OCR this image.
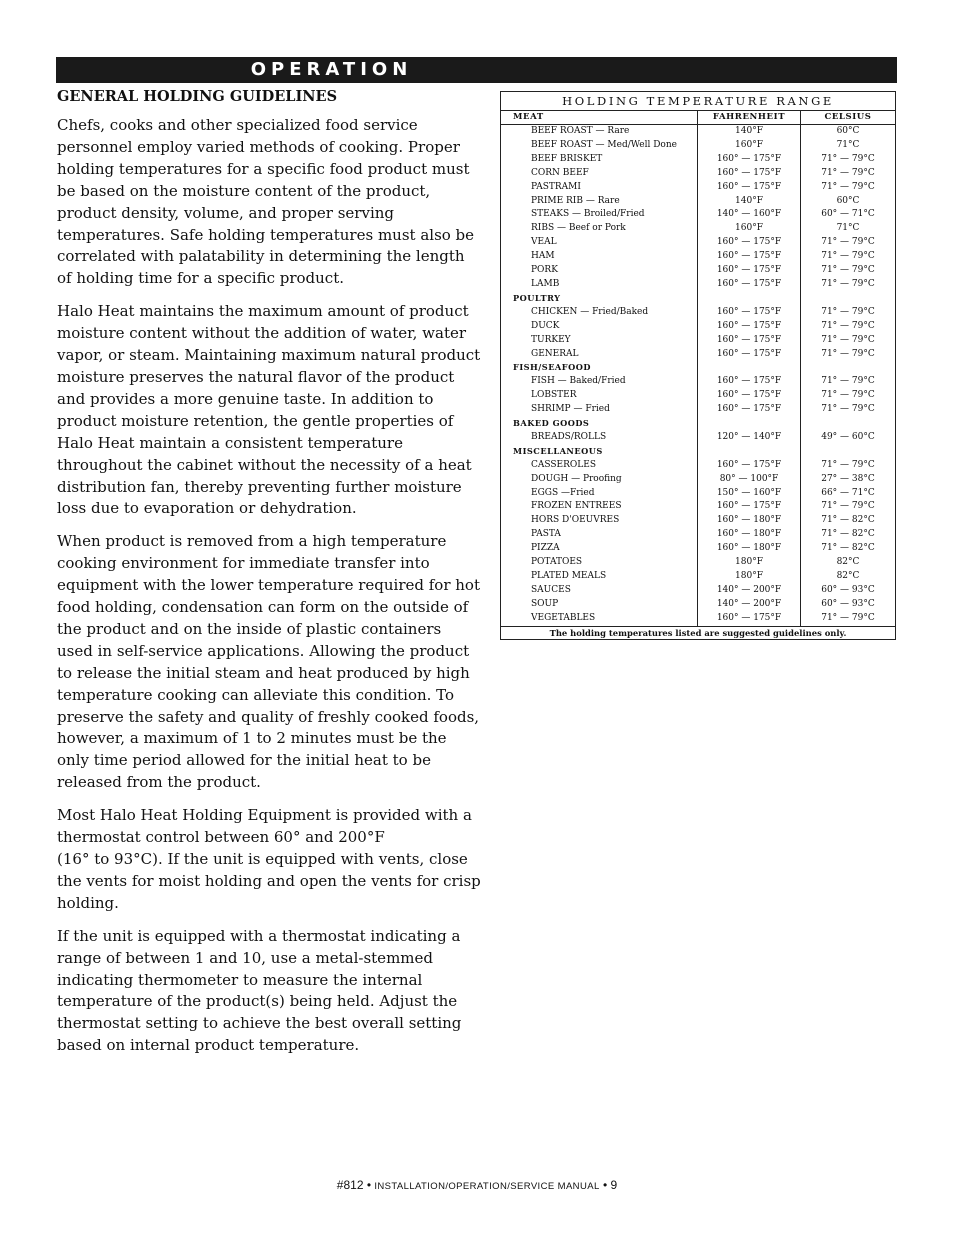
OPERATION
GENERAL HOLDING GUIDELINES

Chefs, cooks and other specialized food service personnel employ varied methods of cooking. Proper holding temperatures for a specific food product must be based on the moisture content of the product, product density, volume, and proper serving temperatures. Safe holding temperatures must also be correlated with palatability in determining the length of holding time for a specific product.

Halo Heat maintains the maximum amount of product moisture content without the addition of water, water vapor, or steam. Maintaining maximum natural product moisture preserves the natural flavor of the product and provides a more genuine taste. In addition to product moisture retention, the gentle properties of Halo Heat maintain a consistent temperature throughout the cabinet without the necessity of a heat distribution fan, thereby preventing further moisture loss due to evaporation or dehydration.

When product is removed from a high temperature cooking environment for immediate transfer into equipment with the lower temperature required for hot food holding, condensation can form on the outside of the product and on the inside of plastic containers used in self-service applications. Allowing the product to release the initial steam and heat produced by high temperature cooking can alleviate this condition. To preserve the safety and quality of freshly cooked foods, however, a maximum of 1 to 2 minutes must be the only time period allowed for the initial heat to be released from the product.

Most Halo Heat Holding Equipment is provided with a thermostat control between 60° and 200°F
(16° to 93°C). If the unit is equipped with vents, close the vents for moist holding and open the vents for crisp holding.

If the unit is equipped with a thermostat indicating a range of between 1 and 10, use a metal-stemmed indicating thermometer to measure the internal temperature of the product(s) being held. Adjust the thermostat setting to achieve the best overall setting based on internal product temperature.

HOLDING TEMPERATURE RANGE
MEAT	FAHRENHEIT	CELSIUS
BEEF ROAST — Rare	140°F	60°C
BEEF ROAST — Med/Well Done	160°F	71°C
BEEF BRISKET	160° — 175°F	71° — 79°C
CORN BEEF	160° — 175°F	71° — 79°C
PASTRAMI	160° — 175°F	71° — 79°C
PRIME RIB — Rare	140°F	60°C
STEAKS — Broiled/Fried	140° — 160°F	60° — 71°C
RIBS — Beef or Pork	160°F	71°C
VEAL	160° — 175°F	71° — 79°C
HAM	160° — 175°F	71° — 79°C
PORK	160° — 175°F	71° — 79°C
LAMB	160° — 175°F	71° — 79°C
POULTRY
CHICKEN — Fried/Baked	160° — 175°F	71° — 79°C
DUCK	160° — 175°F	71° — 79°C
TURKEY	160° — 175°F	71° — 79°C
GENERAL	160° — 175°F	71° — 79°C
FISH/SEAFOOD
FISH — Baked/Fried	160° — 175°F	71° — 79°C
LOBSTER	160° — 175°F	71° — 79°C
SHRIMP — Fried	160° — 175°F	71° — 79°C
BAKED GOODS
BREADS/ROLLS	120° — 140°F	49° — 60°C
MISCELLANEOUS
CASSEROLES	160° — 175°F	71° — 79°C
DOUGH — Proofing	80° — 100°F	27° — 38°C
EGGS —Fried	150° — 160°F	66° — 71°C
FROZEN ENTREES	160° — 175°F	71° — 79°C
HORS D'OEUVRES	160° — 180°F	71° — 82°C
PASTA	160° — 180°F	71° — 82°C
PIZZA	160° — 180°F	71° — 82°C
POTATOES	180°F	82°C
PLATED MEALS	180°F	82°C
SAUCES	140° — 200°F	60° — 93°C
SOUP	140° — 200°F	60° — 93°C
VEGETABLES	160° — 175°F	71° — 79°C
The holding temperatures listed are suggested guidelines only.
#812 • INSTALLATION/OPERATION/SERVICE MANUAL • 9
